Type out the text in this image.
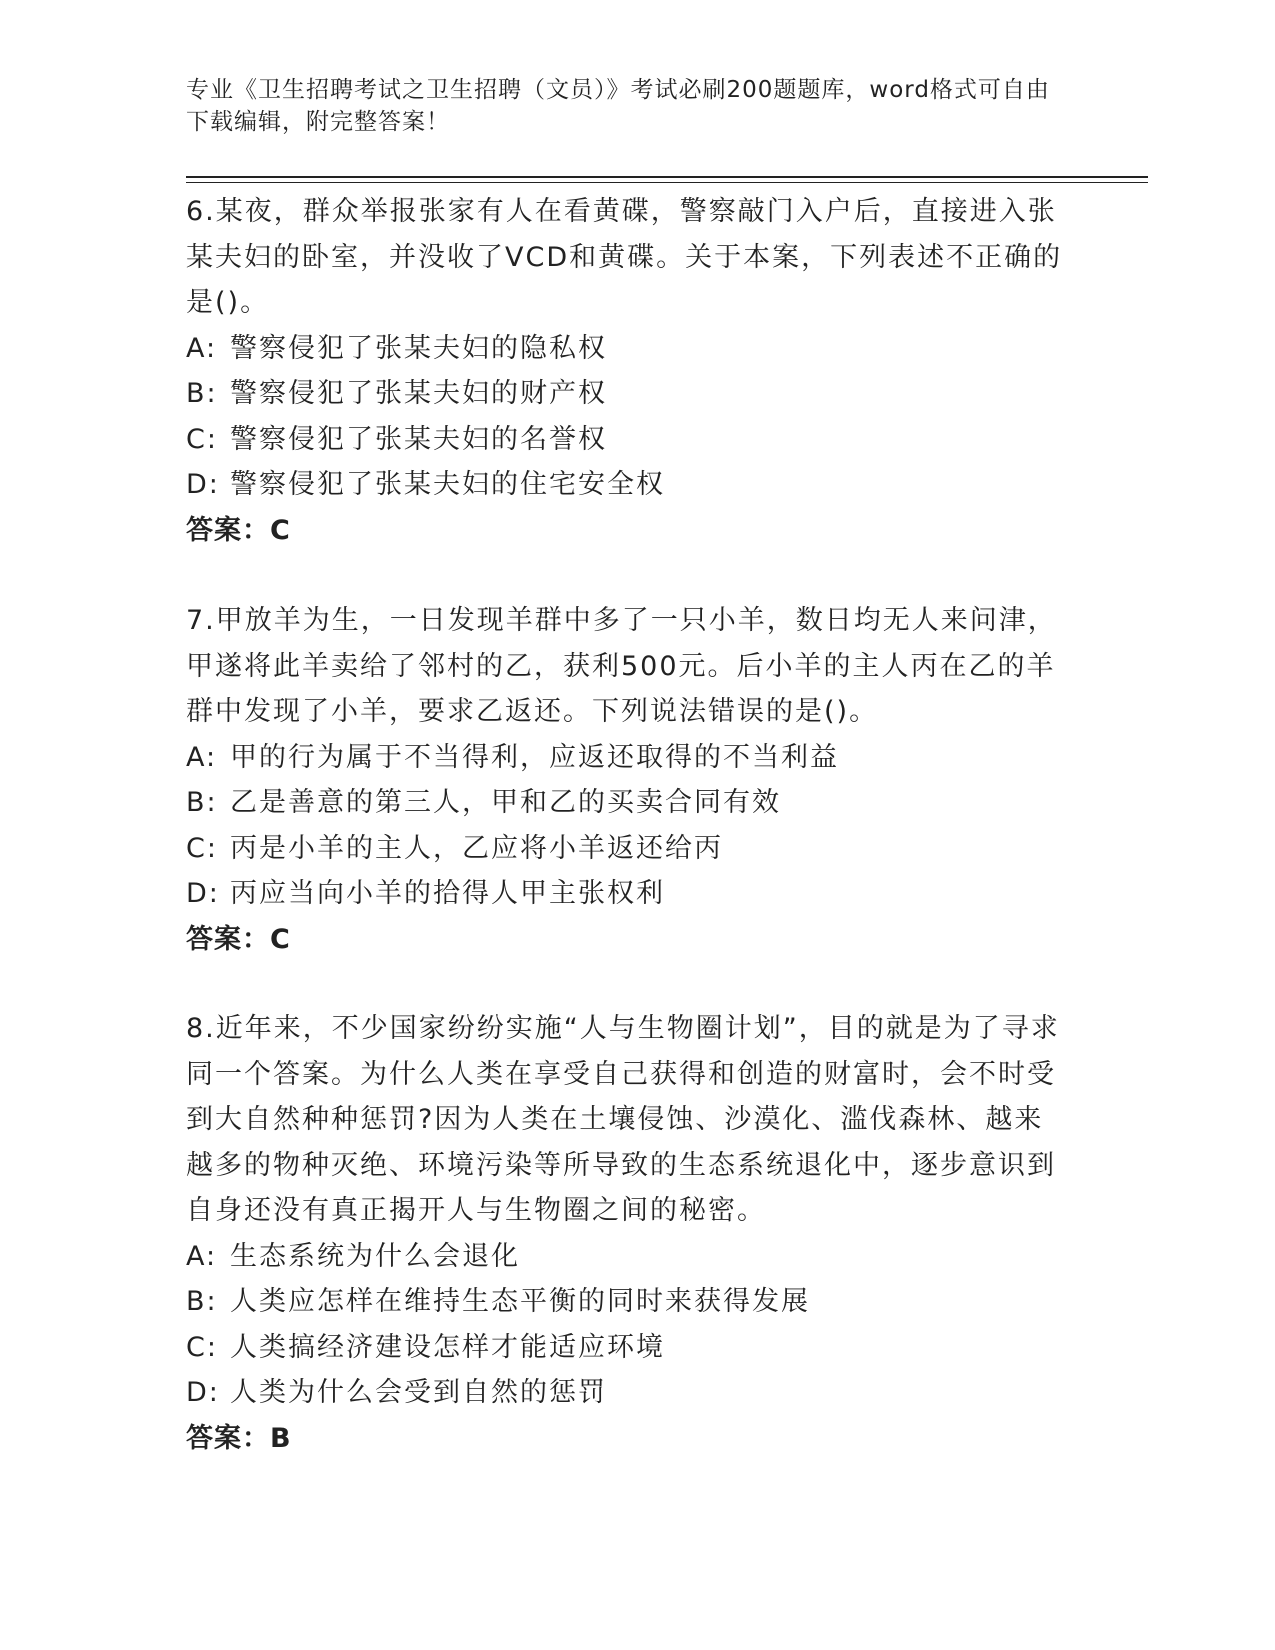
专业《卫生招聘考试之卫生招聘（文员）》考试必刷200题题库，word格式可自由下载编辑，附完整答案！

6.某夜，群众举报张家有人在看黄碟，警察敲门入户后，直接进入张某夫妇的卧室，并没收了VCD和黄碟。关于本案，下列表述不正确的是()。

A: 警察侵犯了张某夫妇的隐私权

B: 警察侵犯了张某夫妇的财产权

C: 警察侵犯了张某夫妇的名誉权

D: 警察侵犯了张某夫妇的住宅安全权

答案：C

7.甲放羊为生，一日发现羊群中多了一只小羊，数日均无人来问津，甲遂将此羊卖给了邻村的乙，获利500元。后小羊的主人丙在乙的羊群中发现了小羊，要求乙返还。下列说法错误的是()。

A: 甲的行为属于不当得利，应返还取得的不当利益

B: 乙是善意的第三人，甲和乙的买卖合同有效

C: 丙是小羊的主人，乙应将小羊返还给丙

D: 丙应当向小羊的拾得人甲主张权利

答案：C

8.近年来，不少国家纷纷实施“人与生物圈计划”，目的就是为了寻求同一个答案。为什么人类在享受自己获得和创造的财富时，会不时受到大自然种种惩罚?因为人类在土壤侵蚀、沙漠化、滥伐森林、越来越多的物种灭绝、环境污染等所导致的生态系统退化中，逐步意识到自身还没有真正揭开人与生物圈之间的秘密。

A: 生态系统为什么会退化

B: 人类应怎样在维持生态平衡的同时来获得发展

C: 人类搞经济建设怎样才能适应环境

D: 人类为什么会受到自然的惩罚

答案：B
